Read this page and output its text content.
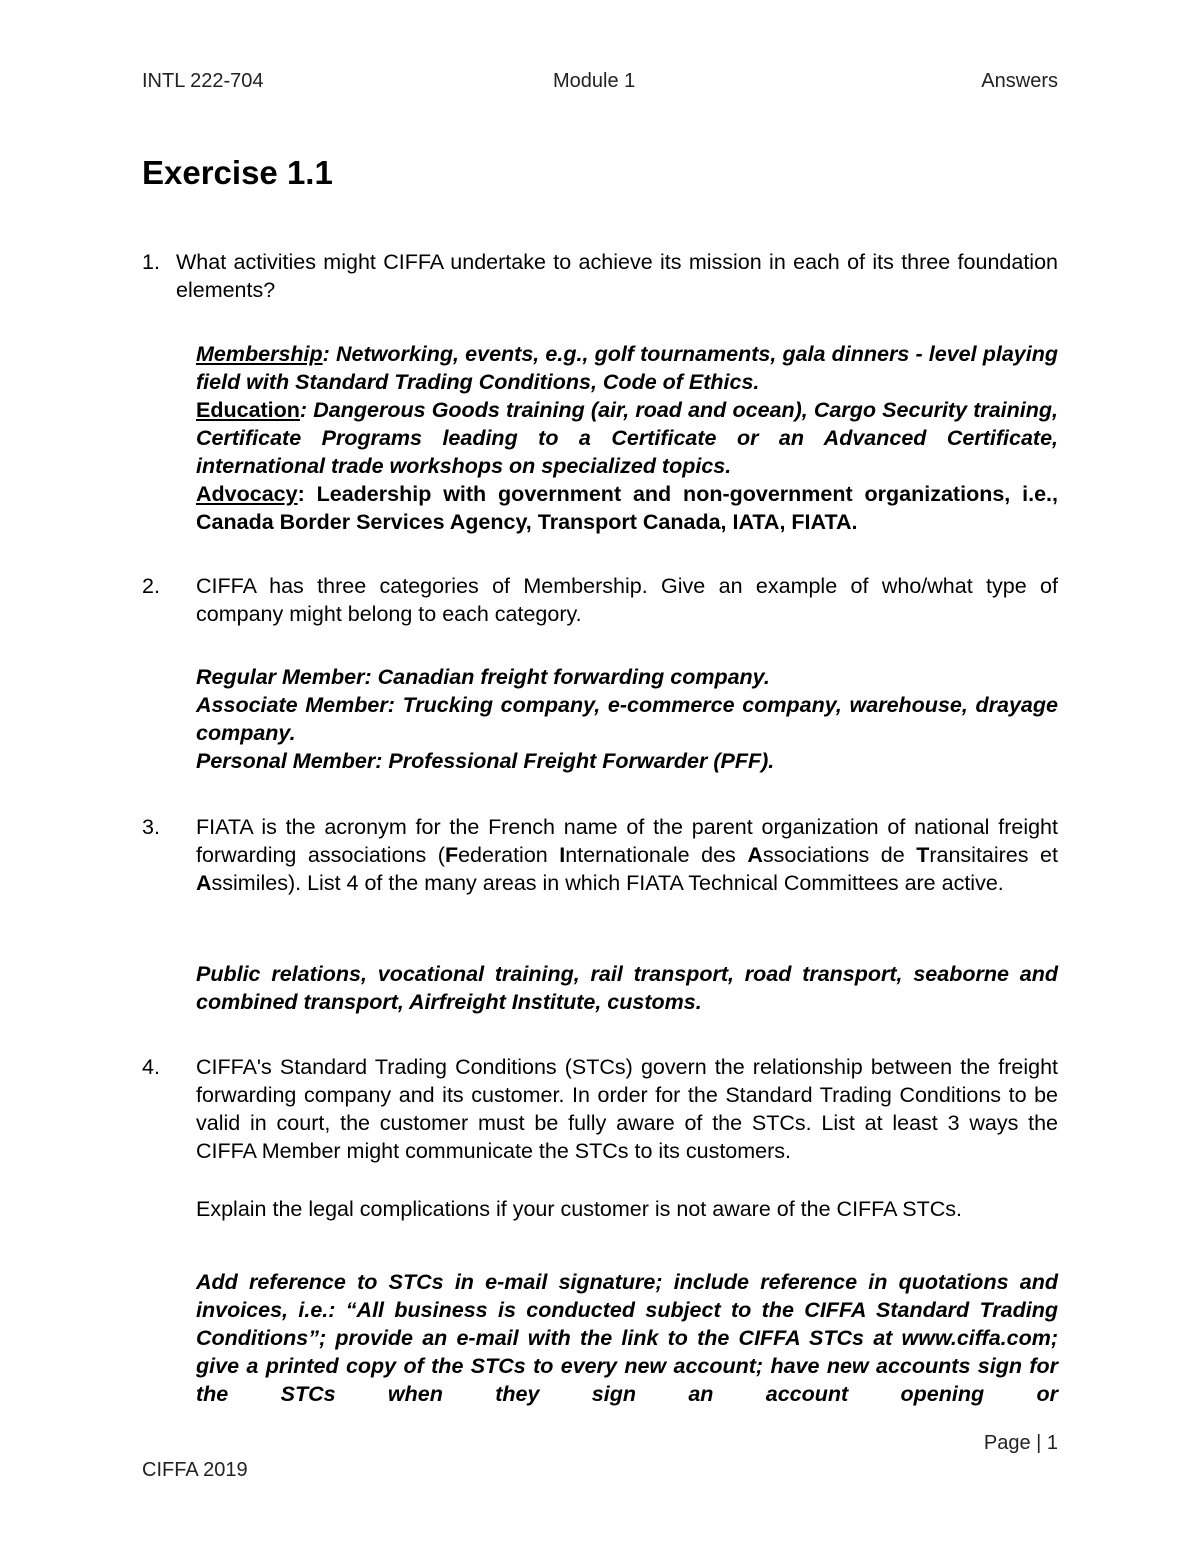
INTL 222-704	Module 1	Answers
Exercise 1.1
1. What activities might CIFFA undertake to achieve its mission in each of its three foundation elements?

Membership: Networking, events, e.g., golf tournaments, gala dinners - level playing field with Standard Trading Conditions, Code of Ethics.

Education: Dangerous Goods training (air, road and ocean), Cargo Security training, Certificate Programs leading to a Certificate or an Advanced Certificate, international trade workshops on specialized topics.

Advocacy: Leadership with government and non-government organizations, i.e., Canada Border Services Agency, Transport Canada, IATA, FIATA.

2.	CIFFA has three categories of Membership. Give an example of who/what type of company might belong to each category.

Regular Member: Canadian freight forwarding company.

Associate Member: Trucking company, e-commerce company, warehouse, drayage company.

Personal Member: Professional Freight Forwarder (PFF).

3.	FIATA is the acronym for the French name of the parent organization of national freight forwarding associations (Federation Internationale des Associations de Transitaires et Assimiles). List 4 of the many areas in which FIATA Technical Committees are active.

Public relations, vocational training, rail transport, road transport, seaborne and combined transport, Airfreight Institute, customs.

4.	CIFFA's Standard Trading Conditions (STCs) govern the relationship between the freight forwarding company and its customer. In order for the Standard Trading Conditions to be valid in court, the customer must be fully aware of the STCs. List at least 3 ways the CIFFA Member might communicate the STCs to its customers.
Explain the legal complications if your customer is not aware of the CIFFA STCs.

Add reference to STCs in e-mail signature; include reference in quotations and invoices, i.e.: “All business is conducted subject to the CIFFA Standard Trading Conditions”; provide an e-mail with the link to the CIFFA STCs at www.ciffa.com; give a printed copy of the STCs to every new account; have new accounts sign for the STCs when they sign an account opening or

Page | 1
CIFFA 2019
